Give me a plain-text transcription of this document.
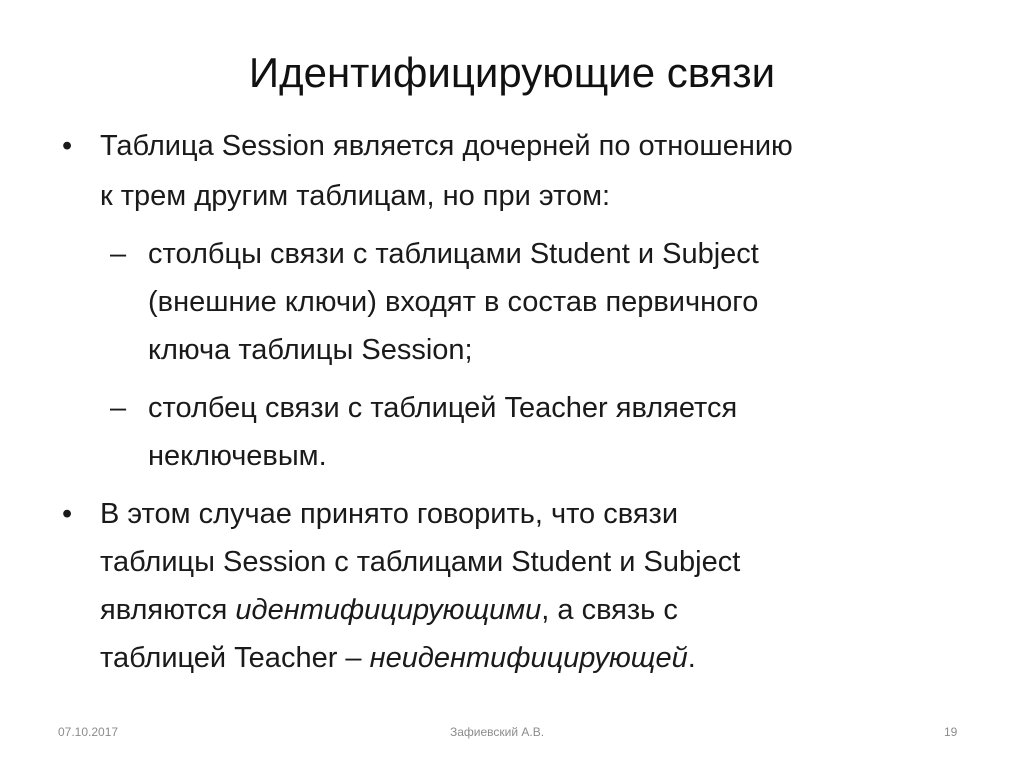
Идентифицирующие связи
• Таблица Session является дочерней по отношению
к трем другим таблицам, но при этом:
– столбцы связи с таблицами Student и Subject
(внешние ключи) входят в состав первичного
ключа таблицы Session;
– столбец связи с таблицей Teacher является
неключевым.
• В этом случае принято говорить, что связи
таблицы Session с таблицами Student и Subject
являются идентифицирующими, а связь с
таблицей Teacher – неидентифицирующей.
07.10.2017	Зафиевский А.В.	19
